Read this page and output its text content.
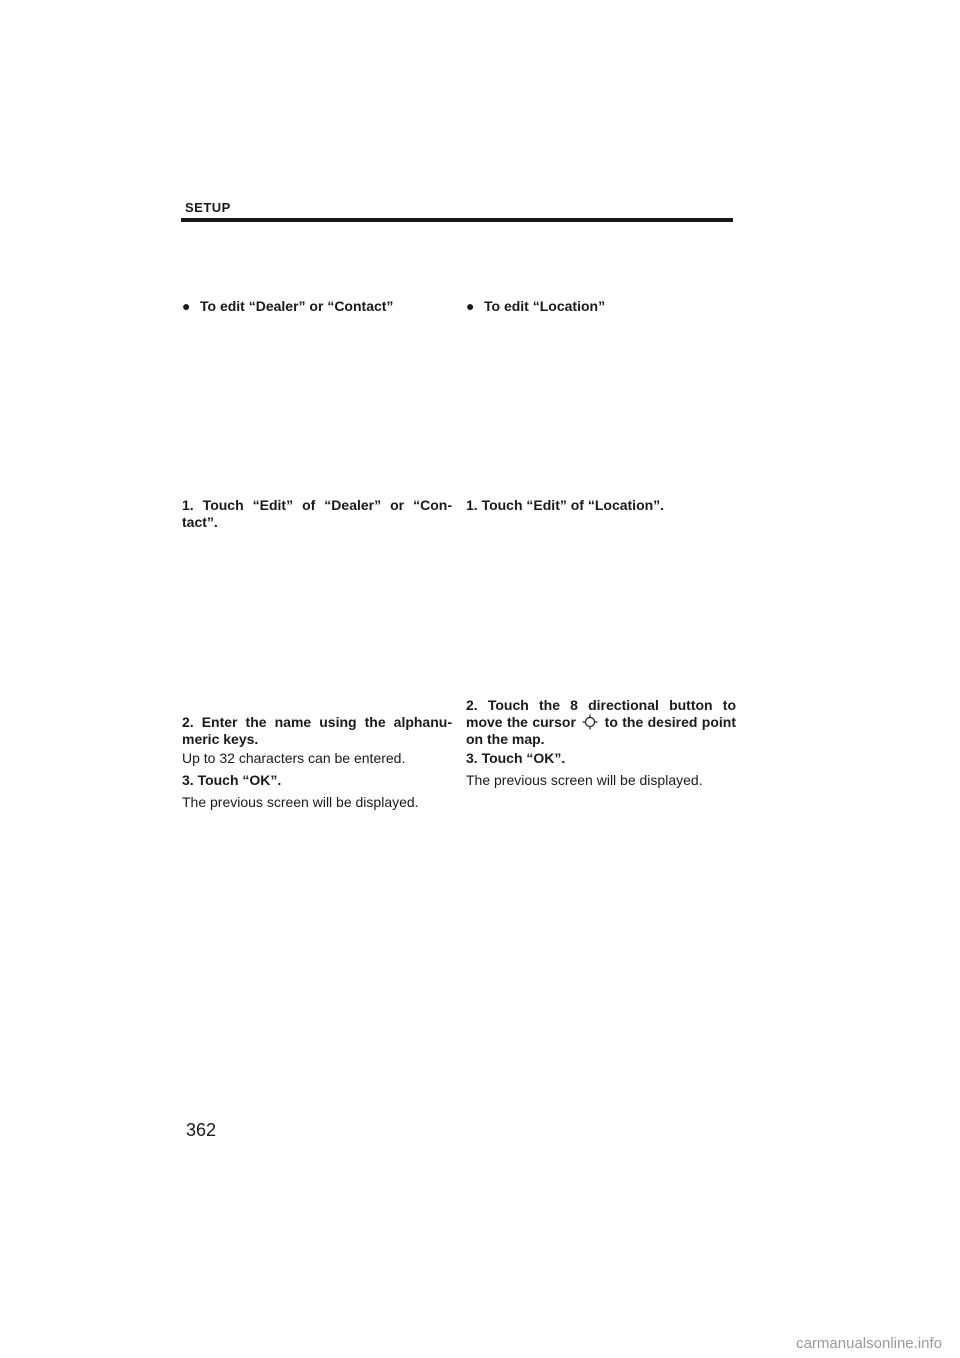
SETUP
● To edit “Dealer” or “Contact”
1. Touch “Edit” of “Dealer” or “Con-tact”.
2. Enter the name using the alphanu-meric keys.
Up to 32 characters can be entered.
3. Touch “OK”.
The previous screen will be displayed.
● To edit “Location”
1. Touch “Edit” of “Location”.
2. Touch the 8 directional button to move the cursor to the desired point on the map.
3. Touch “OK”.
The previous screen will be displayed.
362
carmanualsonline.info
